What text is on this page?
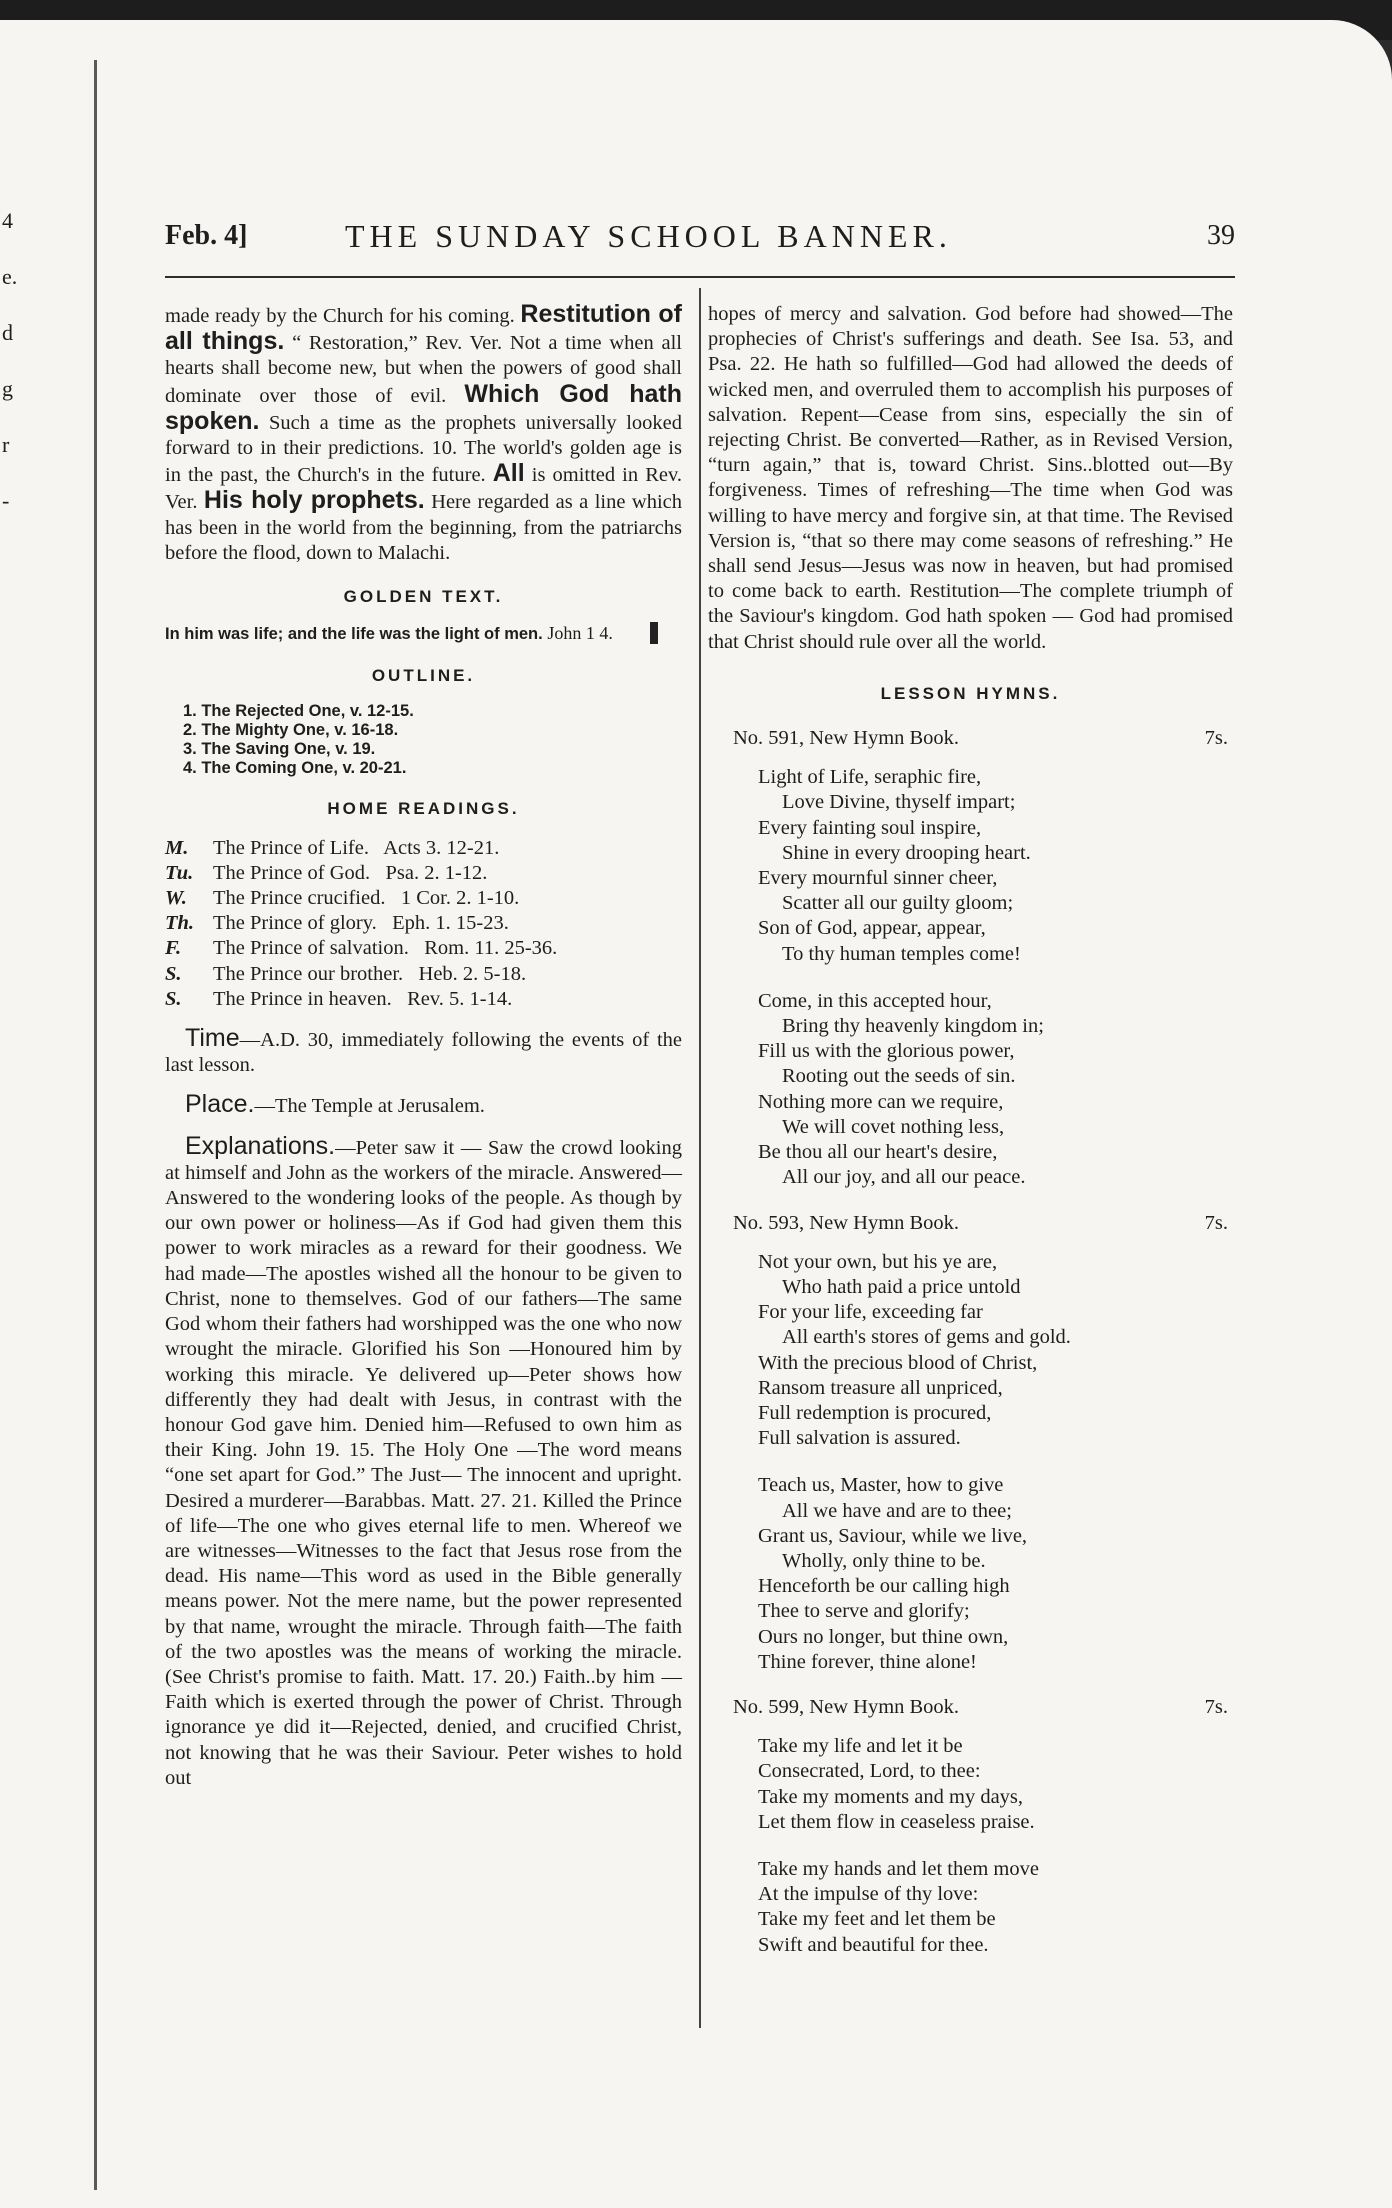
4
e.
d
g
r
-
Feb. 4]	THE SUNDAY SCHOOL BANNER.	39

made ready by the Church for his coming. Restitution of all things. “ Restoration,” Rev. Ver. Not a time when all hearts shall become new, but when the powers of good shall dominate over those of evil. Which God hath spoken. Such a time as the prophets universally looked forward to in their predictions. 10. The world's golden age is in the past, the Church's in the future. All is omitted in Rev. Ver. His holy prophets. Here regarded as a line which has been in the world from the beginning, from the patriarchs before the flood, down to Malachi.

GOLDEN TEXT.

In him was life; and the life was the light of men. John 1 4.

OUTLINE.
1. The Rejected One, v. 12-15.
2. The Mighty One, v. 16-18.
3. The Saving One, v. 19.
4. The Coming One, v. 20-21.
HOME READINGS.
M.	The Prince of Life.   Acts 3. 12-21.
Tu. The Prince of God.   Psa. 2. 1-12.
W.	The Prince crucified.   1 Cor. 2. 1-10.
Th. The Prince of glory.   Eph. 1. 15-23.
F.	The Prince of salvation.   Rom. 11. 25-36.
S.	The Prince our brother.   Heb. 2. 5-18.
S.	The Prince in heaven.   Rev. 5. 1-14.

Time—A.D. 30, immediately following the events of the last lesson.

Place.—The Temple at Jerusalem.

Explanations.—Peter saw it — Saw the crowd looking at himself and John as the workers of the miracle. Answered—Answered to the wondering looks of the people. As though by our own power or holiness—As if God had given them this power to work miracles as a reward for their goodness. We had made—The apostles wished all the honour to be given to Christ, none to themselves. God of our fathers—The same God whom their fathers had worshipped was the one who now wrought the miracle. Glorified his Son —Honoured him by working this miracle. Ye delivered up—Peter shows how differently they had dealt with Jesus, in contrast with the honour God gave him. Denied him—Refused to own him as their King. John 19. 15. The Holy One —The word means “one set apart for God.” The Just— The innocent and upright. Desired a murderer—Barabbas. Matt. 27. 21. Killed the Prince of life—The one who gives eternal life to men. Whereof we are witnesses—Witnesses to the fact that Jesus rose from the dead. His name—This word as used in the Bible generally means power. Not the mere name, but the power represented by that name, wrought the miracle. Through faith—The faith of the two apostles was the means of working the miracle. (See Christ's promise to faith. Matt. 17. 20.) Faith..by him —Faith which is exerted through the power of Christ. Through ignorance ye did it—Rejected, denied, and crucified Christ, not knowing that he was their Saviour. Peter wishes to hold out

hopes of mercy and salvation. God before had showed—The prophecies of Christ's sufferings and death. See Isa. 53, and Psa. 22. He hath so fulfilled—God had allowed the deeds of wicked men, and overruled them to accomplish his purposes of salvation. Repent—Cease from sins, especially the sin of rejecting Christ. Be converted—Rather, as in Revised Version, “turn again,” that is, toward Christ. Sins..blotted out—By forgiveness. Times of refreshing—The time when God was willing to have mercy and forgive sin, at that time. The Revised Version is, “that so there may come seasons of refreshing.” He shall send Jesus—Jesus was now in heaven, but had promised to come back to earth. Restitution—The complete triumph of the Saviour's kingdom. God hath spoken — God had promised that Christ should rule over all the world.

LESSON HYMNS.
No. 591, New Hymn Book.	7s.
Light of Life, seraphic fire,
Love Divine, thyself impart;
Every fainting soul inspire,
Shine in every drooping heart.
Every mournful sinner cheer,
Scatter all our guilty gloom;
Son of God, appear, appear,
To thy human temples come!
Come, in this accepted hour,
Bring thy heavenly kingdom in;
Fill us with the glorious power,
Rooting out the seeds of sin.
Nothing more can we require,
We will covet nothing less,
Be thou all our heart's desire,
All our joy, and all our peace.
No. 593, New Hymn Book.	7s.
Not your own, but his ye are,
Who hath paid a price untold
For your life, exceeding far
All earth's stores of gems and gold.
With the precious blood of Christ,
Ransom treasure all unpriced,
Full redemption is procured,
Full salvation is assured.
Teach us, Master, how to give
All we have and are to thee;
Grant us, Saviour, while we live,
Wholly, only thine to be.
Henceforth be our calling high
Thee to serve and glorify;
Ours no longer, but thine own,
Thine forever, thine alone!
No. 599, New Hymn Book.	7s.
Take my life and let it be
Consecrated, Lord, to thee:
Take my moments and my days,
Let them flow in ceaseless praise.
Take my hands and let them move
At the impulse of thy love:
Take my feet and let them be
Swift and beautiful for thee.
